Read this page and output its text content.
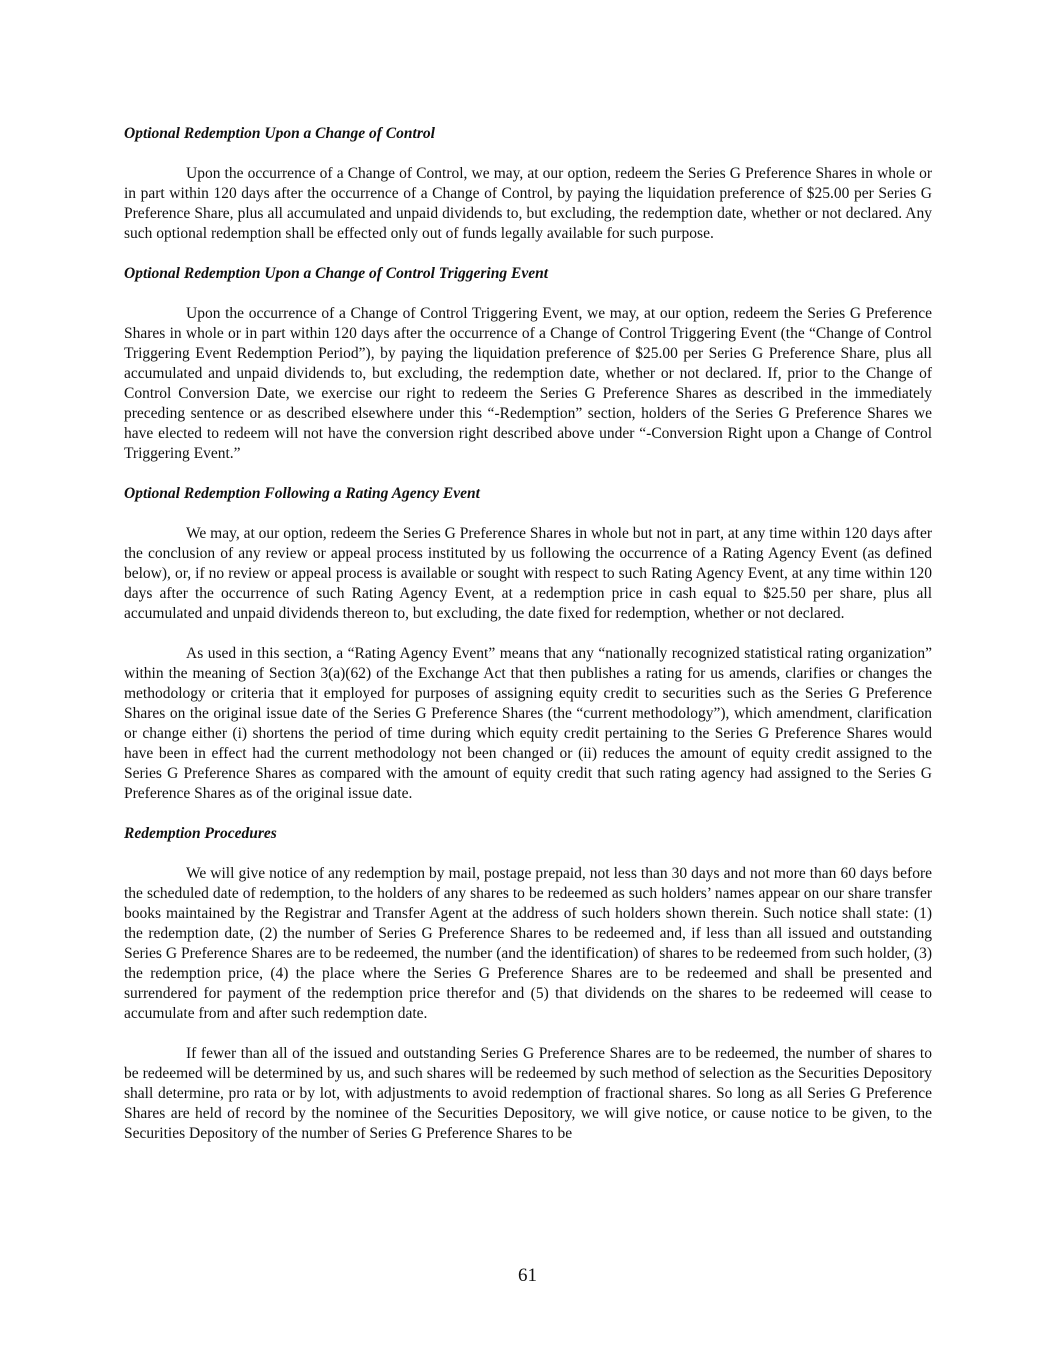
Optional Redemption Upon a Change of Control

Upon the occurrence of a Change of Control, we may, at our option, redeem the Series G Preference Shares in whole or in part within 120 days after the occurrence of a Change of Control, by paying the liquidation preference of $25.00 per Series G Preference Share, plus all accumulated and unpaid dividends to, but excluding, the redemption date, whether or not declared. Any such optional redemption shall be effected only out of funds legally available for such purpose.

Optional Redemption Upon a Change of Control Triggering Event

Upon the occurrence of a Change of Control Triggering Event, we may, at our option, redeem the Series G Preference Shares in whole or in part within 120 days after the occurrence of a Change of Control Triggering Event (the “Change of Control Triggering Event Redemption Period”), by paying the liquidation preference of $25.00 per Series G Preference Share, plus all accumulated and unpaid dividends to, but excluding, the redemption date, whether or not declared. If, prior to the Change of Control Conversion Date, we exercise our right to redeem the Series G Preference Shares as described in the immediately preceding sentence or as described elsewhere under this “-Redemption” section, holders of the Series G Preference Shares we have elected to redeem will not have the conversion right described above under “-Conversion Right upon a Change of Control Triggering Event.”

Optional Redemption Following a Rating Agency Event

We may, at our option, redeem the Series G Preference Shares in whole but not in part, at any time within 120 days after the conclusion of any review or appeal process instituted by us following the occurrence of a Rating Agency Event (as defined below), or, if no review or appeal process is available or sought with respect to such Rating Agency Event, at any time within 120 days after the occurrence of such Rating Agency Event, at a redemption price in cash equal to $25.50 per share, plus all accumulated and unpaid dividends thereon to, but excluding, the date fixed for redemption, whether or not declared.

As used in this section, a “Rating Agency Event” means that any “nationally recognized statistical rating organization” within the meaning of Section 3(a)(62) of the Exchange Act that then publishes a rating for us amends, clarifies or changes the methodology or criteria that it employed for purposes of assigning equity credit to securities such as the Series G Preference Shares on the original issue date of the Series G Preference Shares (the “current methodology”), which amendment, clarification or change either (i) shortens the period of time during which equity credit pertaining to the Series G Preference Shares would have been in effect had the current methodology not been changed or (ii) reduces the amount of equity credit assigned to the Series G Preference Shares as compared with the amount of equity credit that such rating agency had assigned to the Series G Preference Shares as of the original issue date.

Redemption Procedures

We will give notice of any redemption by mail, postage prepaid, not less than 30 days and not more than 60 days before the scheduled date of redemption, to the holders of any shares to be redeemed as such holders’ names appear on our share transfer books maintained by the Registrar and Transfer Agent at the address of such holders shown therein. Such notice shall state: (1) the redemption date, (2) the number of Series G Preference Shares to be redeemed and, if less than all issued and outstanding Series G Preference Shares are to be redeemed, the number (and the identification) of shares to be redeemed from such holder, (3) the redemption price, (4) the place where the Series G Preference Shares are to be redeemed and shall be presented and surrendered for payment of the redemption price therefor and (5) that dividends on the shares to be redeemed will cease to accumulate from and after such redemption date.

If fewer than all of the issued and outstanding Series G Preference Shares are to be redeemed, the number of shares to be redeemed will be determined by us, and such shares will be redeemed by such method of selection as the Securities Depository shall determine, pro rata or by lot, with adjustments to avoid redemption of fractional shares. So long as all Series G Preference Shares are held of record by the nominee of the Securities Depository, we will give notice, or cause notice to be given, to the Securities Depository of the number of Series G Preference Shares to be

61
